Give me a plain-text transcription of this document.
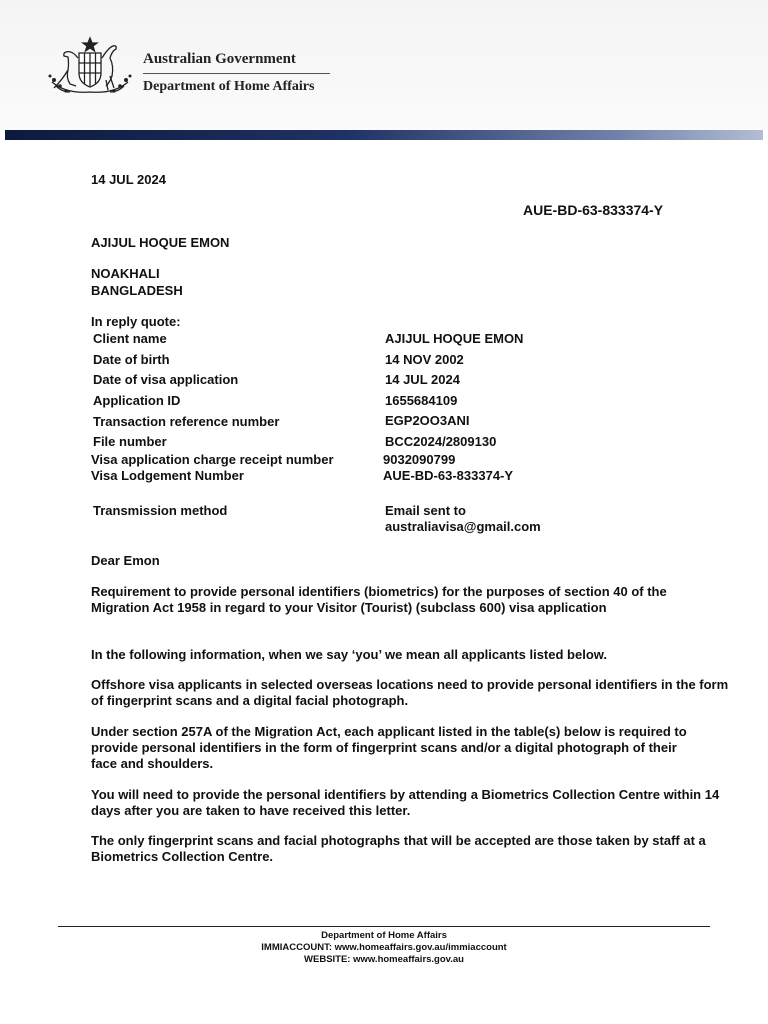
Australian Government
Department of Home Affairs
14 JUL 2024
AUE-BD-63-833374-Y
AJIJUL HOQUE EMON
NOAKHALI
BANGLADESH
In reply quote:
Client name	AJIJUL HOQUE EMON
Date of birth	14 NOV 2002
Date of visa application	14 JUL 2024
Application ID	1655684109
Transaction reference number	EGP2OO3ANI
File number	BCC2024/2809130
Visa application charge receipt number	9032090799
Visa Lodgement Number	AUE-BD-63-833374-Y
Transmission method	Email sent to
australiavisa@gmail.com
Dear Emon
Requirement to provide personal identifiers (biometrics) for the purposes of section 40 of the Migration Act 1958 in regard to your Visitor (Tourist) (subclass 600) visa application
In the following information, when we say ‘you’ we mean all applicants listed below.
Offshore visa applicants in selected overseas locations need to provide personal identifiers in the form of fingerprint scans and a digital facial photograph.
Under section 257A of the Migration Act, each applicant listed in the table(s) below is required to provide personal identifiers in the form of fingerprint scans and/or a digital photograph of their face and shoulders.
You will need to provide the personal identifiers by attending a Biometrics Collection Centre within 14 days after you are taken to have received this letter.
The only fingerprint scans and facial photographs that will be accepted are those taken by staff at a Biometrics Collection Centre.
Department of Home Affairs
IMMIACCOUNT: www.homeaffairs.gov.au/immiaccount
WEBSITE: www.homeaffairs.gov.au
